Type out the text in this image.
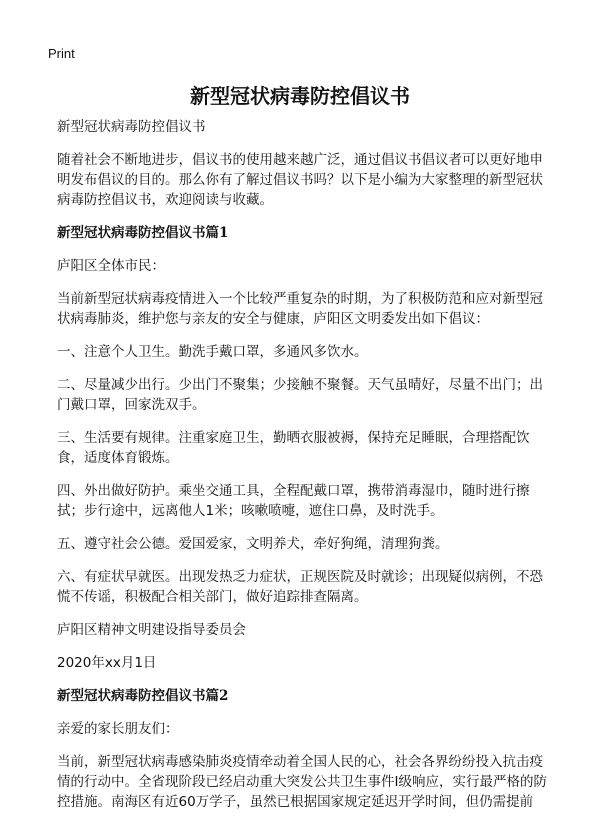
Print
新型冠状病毒防控倡议书

新型冠状病毒防控倡议书

随着社会不断地进步，倡议书的使用越来越广泛，通过倡议书倡议者可以更好地申明发布倡议的目的。那么你有了解过倡议书吗？以下是小编为大家整理的新型冠状病毒防控倡议书，欢迎阅读与收藏。

新型冠状病毒防控倡议书篇1

庐阳区全体市民：

当前新型冠状病毒疫情进入一个比较严重复杂的时期，为了积极防范和应对新型冠状病毒肺炎，维护您与亲友的安全与健康，庐阳区文明委发出如下倡议：

一、注意个人卫生。勤洗手戴口罩，多通风多饮水。

二、尽量减少出行。少出门不聚集；少接触不聚餐。天气虽晴好，尽量不出门；出门戴口罩，回家洗双手。

三、生活要有规律。注重家庭卫生，勤晒衣服被褥，保持充足睡眠，合理搭配饮食，适度体育锻炼。

四、外出做好防护。乘坐交通工具，全程配戴口罩，携带消毒湿巾，随时进行擦拭；步行途中，远离他人1米；咳嗽喷嚏，遮住口鼻，及时洗手。

五、遵守社会公德。爱国爱家，文明养犬，牵好狗绳，清理狗粪。

六、有症状早就医。出现发热乏力症状，正规医院及时就诊；出现疑似病例，不恐慌不传谣，积极配合相关部门，做好追踪排查隔离。

庐阳区精神文明建设指导委员会

2020年xx月1日

新型冠状病毒防控倡议书篇2

亲爱的家长朋友们：

当前，新型冠状病毒感染肺炎疫情牵动着全国人民的心，社会各界纷纷投入抗击疫情的行动中。全省现阶段已经启动重大突发公共卫生事件Ⅰ级响应，实行最严格的防控措施。南海区有近60万学子，虽然已根据国家规定延迟开学时间，但仍需提前
